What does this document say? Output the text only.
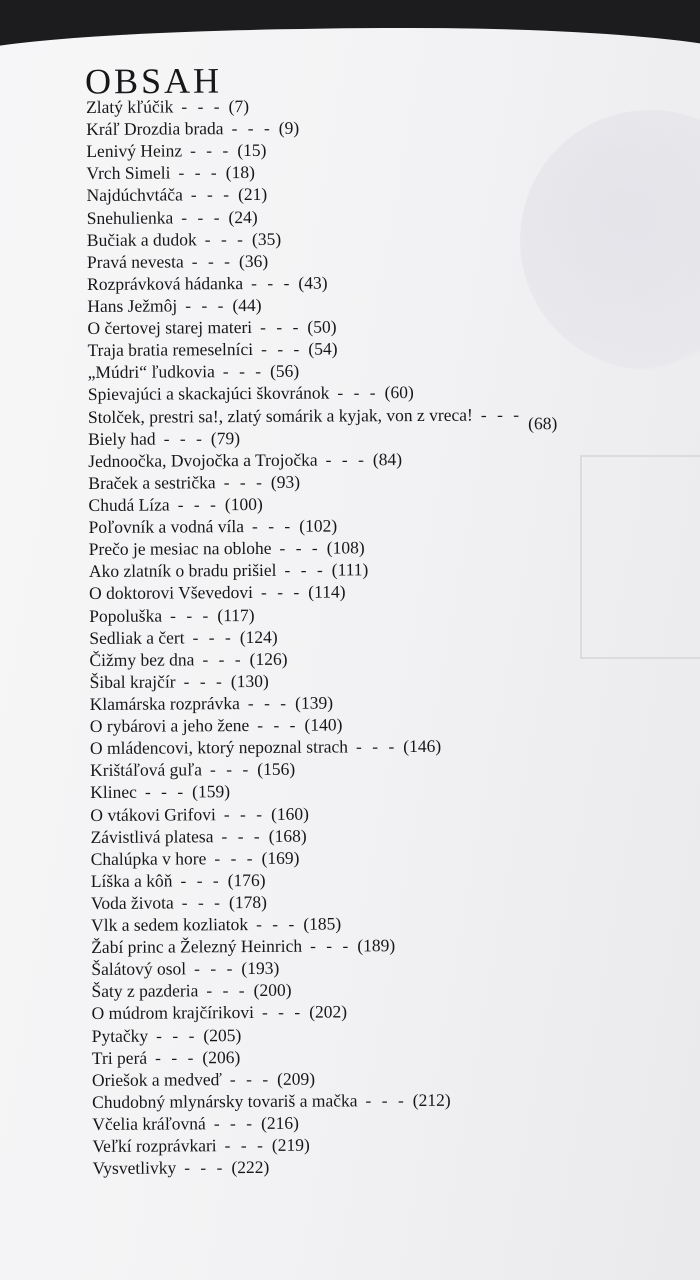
OBSAH
Zlatý kľúčik - - - (7)
Kráľ Drozdia brada - - - (9)
Lenivý Heinz - - - (15)
Vrch Simeli - - - (18)
Najdúchvtáča - - - (21)
Snehulienka - - - (24)
Bučiak a dudok - - - (35)
Pravá nevesta - - - (36)
Rozprávková hádanka - - - (43)
Hans Ježmôj - - - (44)
O čertovej starej materi - - - (50)
Traja bratia remeselníci - - - (54)
„Múdri“ ľudkovia - - - (56)
Spievajúci a skackajúci škovránok - - - (60)
Stolček, prestri sa!, zlatý somárik a kyjak, von z vreca! - - - (68)
Biely had - - - (79)
Jednoočka, Dvojočka a Trojočka - - - (84)
Braček a sestrička - - - (93)
Chudá Líza - - - (100)
Poľovník a vodná víla - - - (102)
Prečo je mesiac na oblohe - - - (108)
Ako zlatník o bradu prišiel - - - (111)
O doktorovi Vševedovi - - - (114)
Popoluška - - - (117)
Sedliak a čert - - - (124)
Čižmy bez dna - - - (126)
Šibal krajčír - - - (130)
Klamárska rozprávka - - - (139)
O rybárovi a jeho žene - - - (140)
O mládencovi, ktorý nepoznal strach - - - (146)
Krištáľová guľa - - - (156)
Klinec - - - (159)
O vtákovi Grifovi - - - (160)
Závistlivá platesa - - - (168)
Chalúpka v hore - - - (169)
Líška a kôň - - - (176)
Voda života - - - (178)
Vlk a sedem kozliatok - - - (185)
Žabí princ a Železný Heinrich - - - (189)
Šalátový osol - - - (193)
Šaty z pazderia - - - (200)
O múdrom krajčírikovi - - - (202)
Pytačky - - - (205)
Tri perá - - - (206)
Oriešok a medveď - - - (209)
Chudobný mlynársky tovariš a mačka - - - (212)
Včelia kráľovná - - - (216)
Veľkí rozprávkari - - - (219)
Vysvetlivky - - - (222)
